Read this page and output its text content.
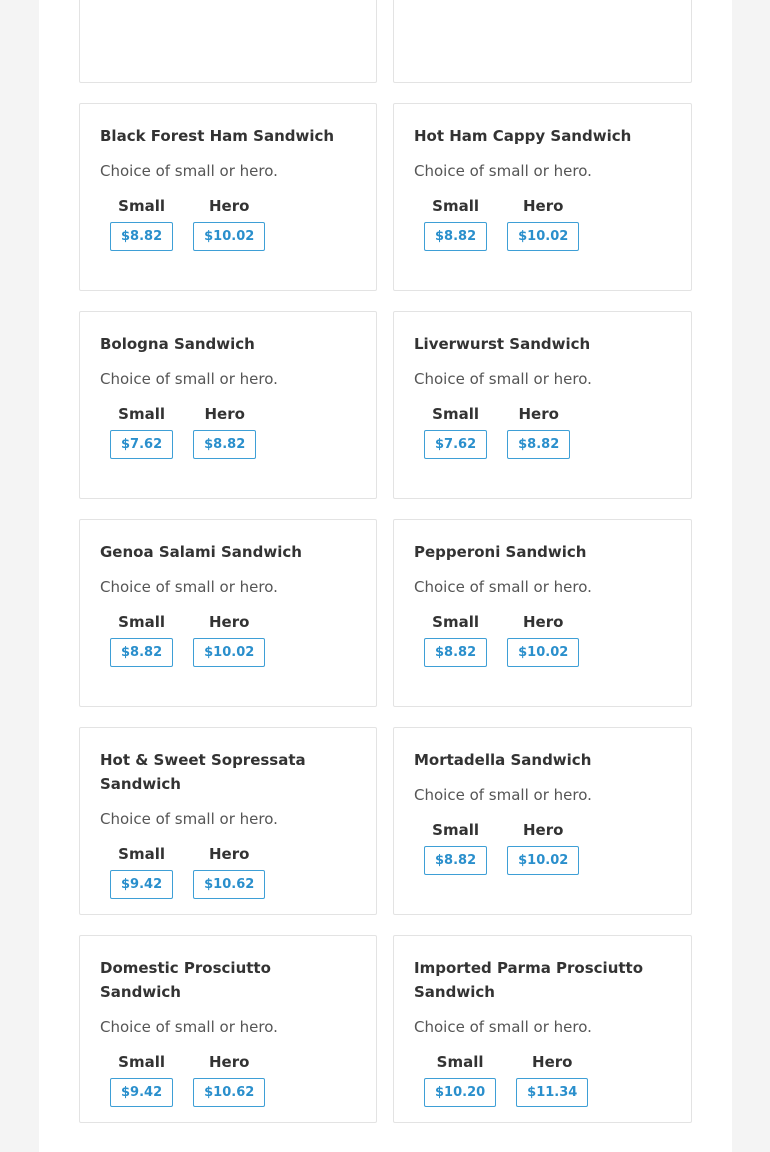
Black Forest Ham Sandwich
Choice of small or hero.
Small
$8.82
Hero
$10.02
Hot Ham Cappy Sandwich
Choice of small or hero.
Small
$8.82
Hero
$10.02
Bologna Sandwich
Choice of small or hero.
Small
$7.62
Hero
$8.82
Liverwurst Sandwich
Choice of small or hero.
Small
$7.62
Hero
$8.82
Genoa Salami Sandwich
Choice of small or hero.
Small
$8.82
Hero
$10.02
Pepperoni Sandwich
Choice of small or hero.
Small
$8.82
Hero
$10.02
Hot & Sweet Sopressata Sandwich
Choice of small or hero.
Small
$9.42
Hero
$10.62
Mortadella Sandwich
Choice of small or hero.
Small
$8.82
Hero
$10.02
Domestic Prosciutto Sandwich
Choice of small or hero.
Small
$9.42
Hero
$10.62
Imported Parma Prosciutto Sandwich
Choice of small or hero.
Small
$10.20
Hero
$11.34
